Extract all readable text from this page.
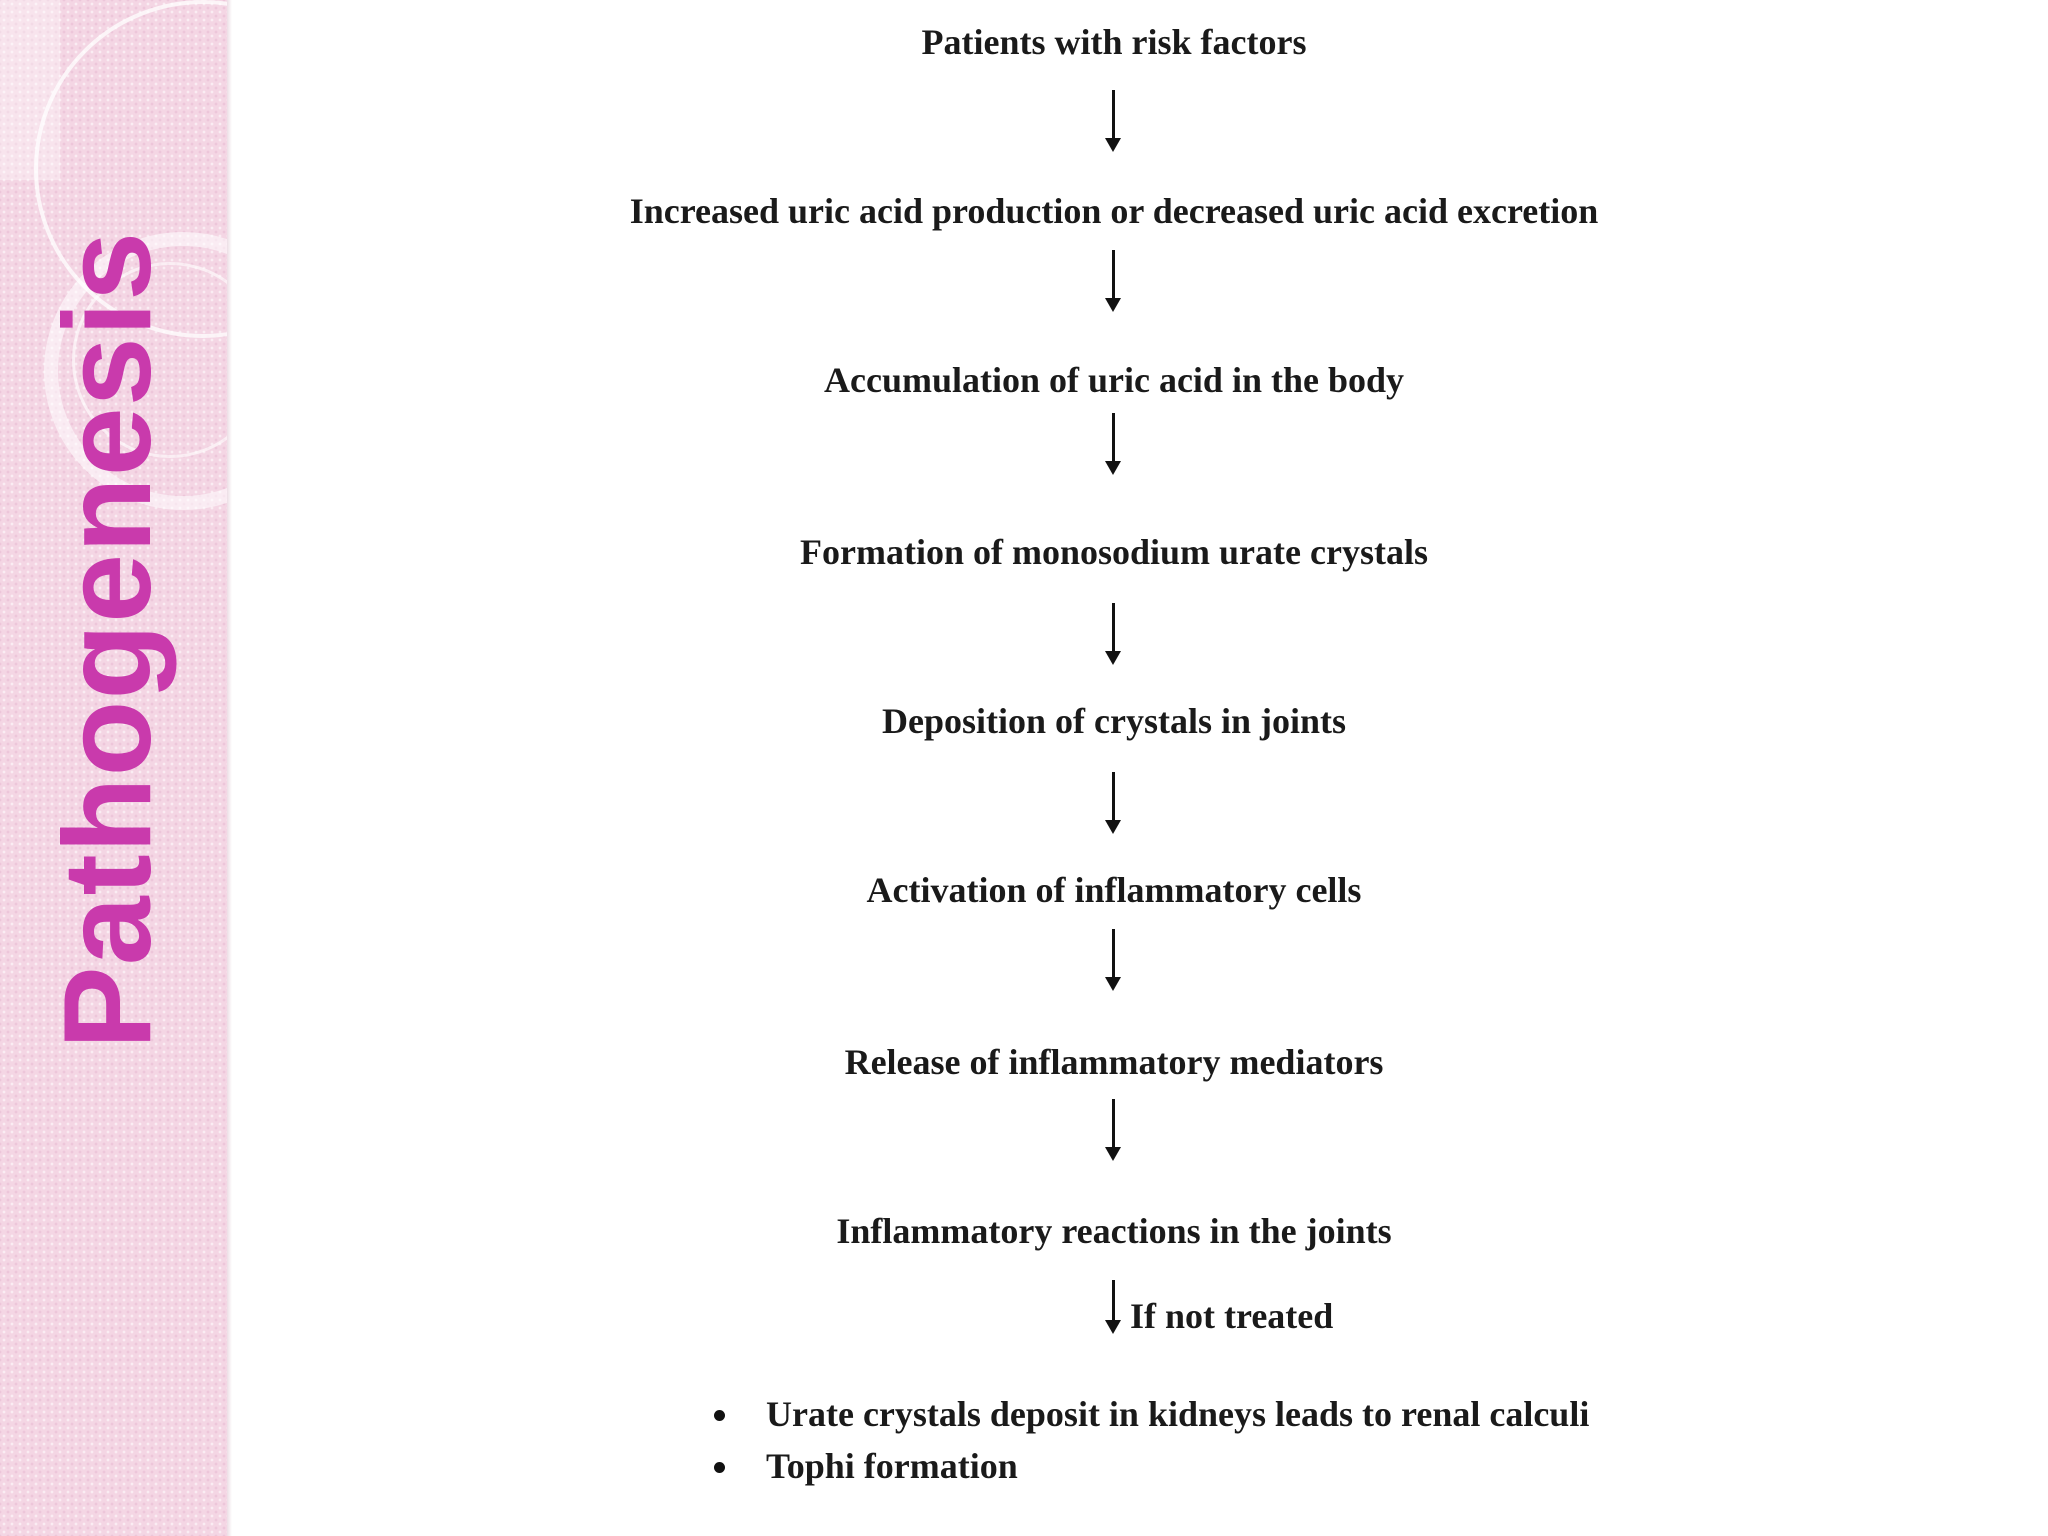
Pathogenesis
Patients with risk factors
Increased uric acid production or decreased uric acid excretion
Accumulation of uric acid in the body
Formation of monosodium urate crystals
Deposition of crystals in joints
Activation of inflammatory cells
Release of inflammatory mediators
Inflammatory reactions in the joints
If not treated
Urate crystals deposit in kidneys leads to renal calculi
Tophi formation
